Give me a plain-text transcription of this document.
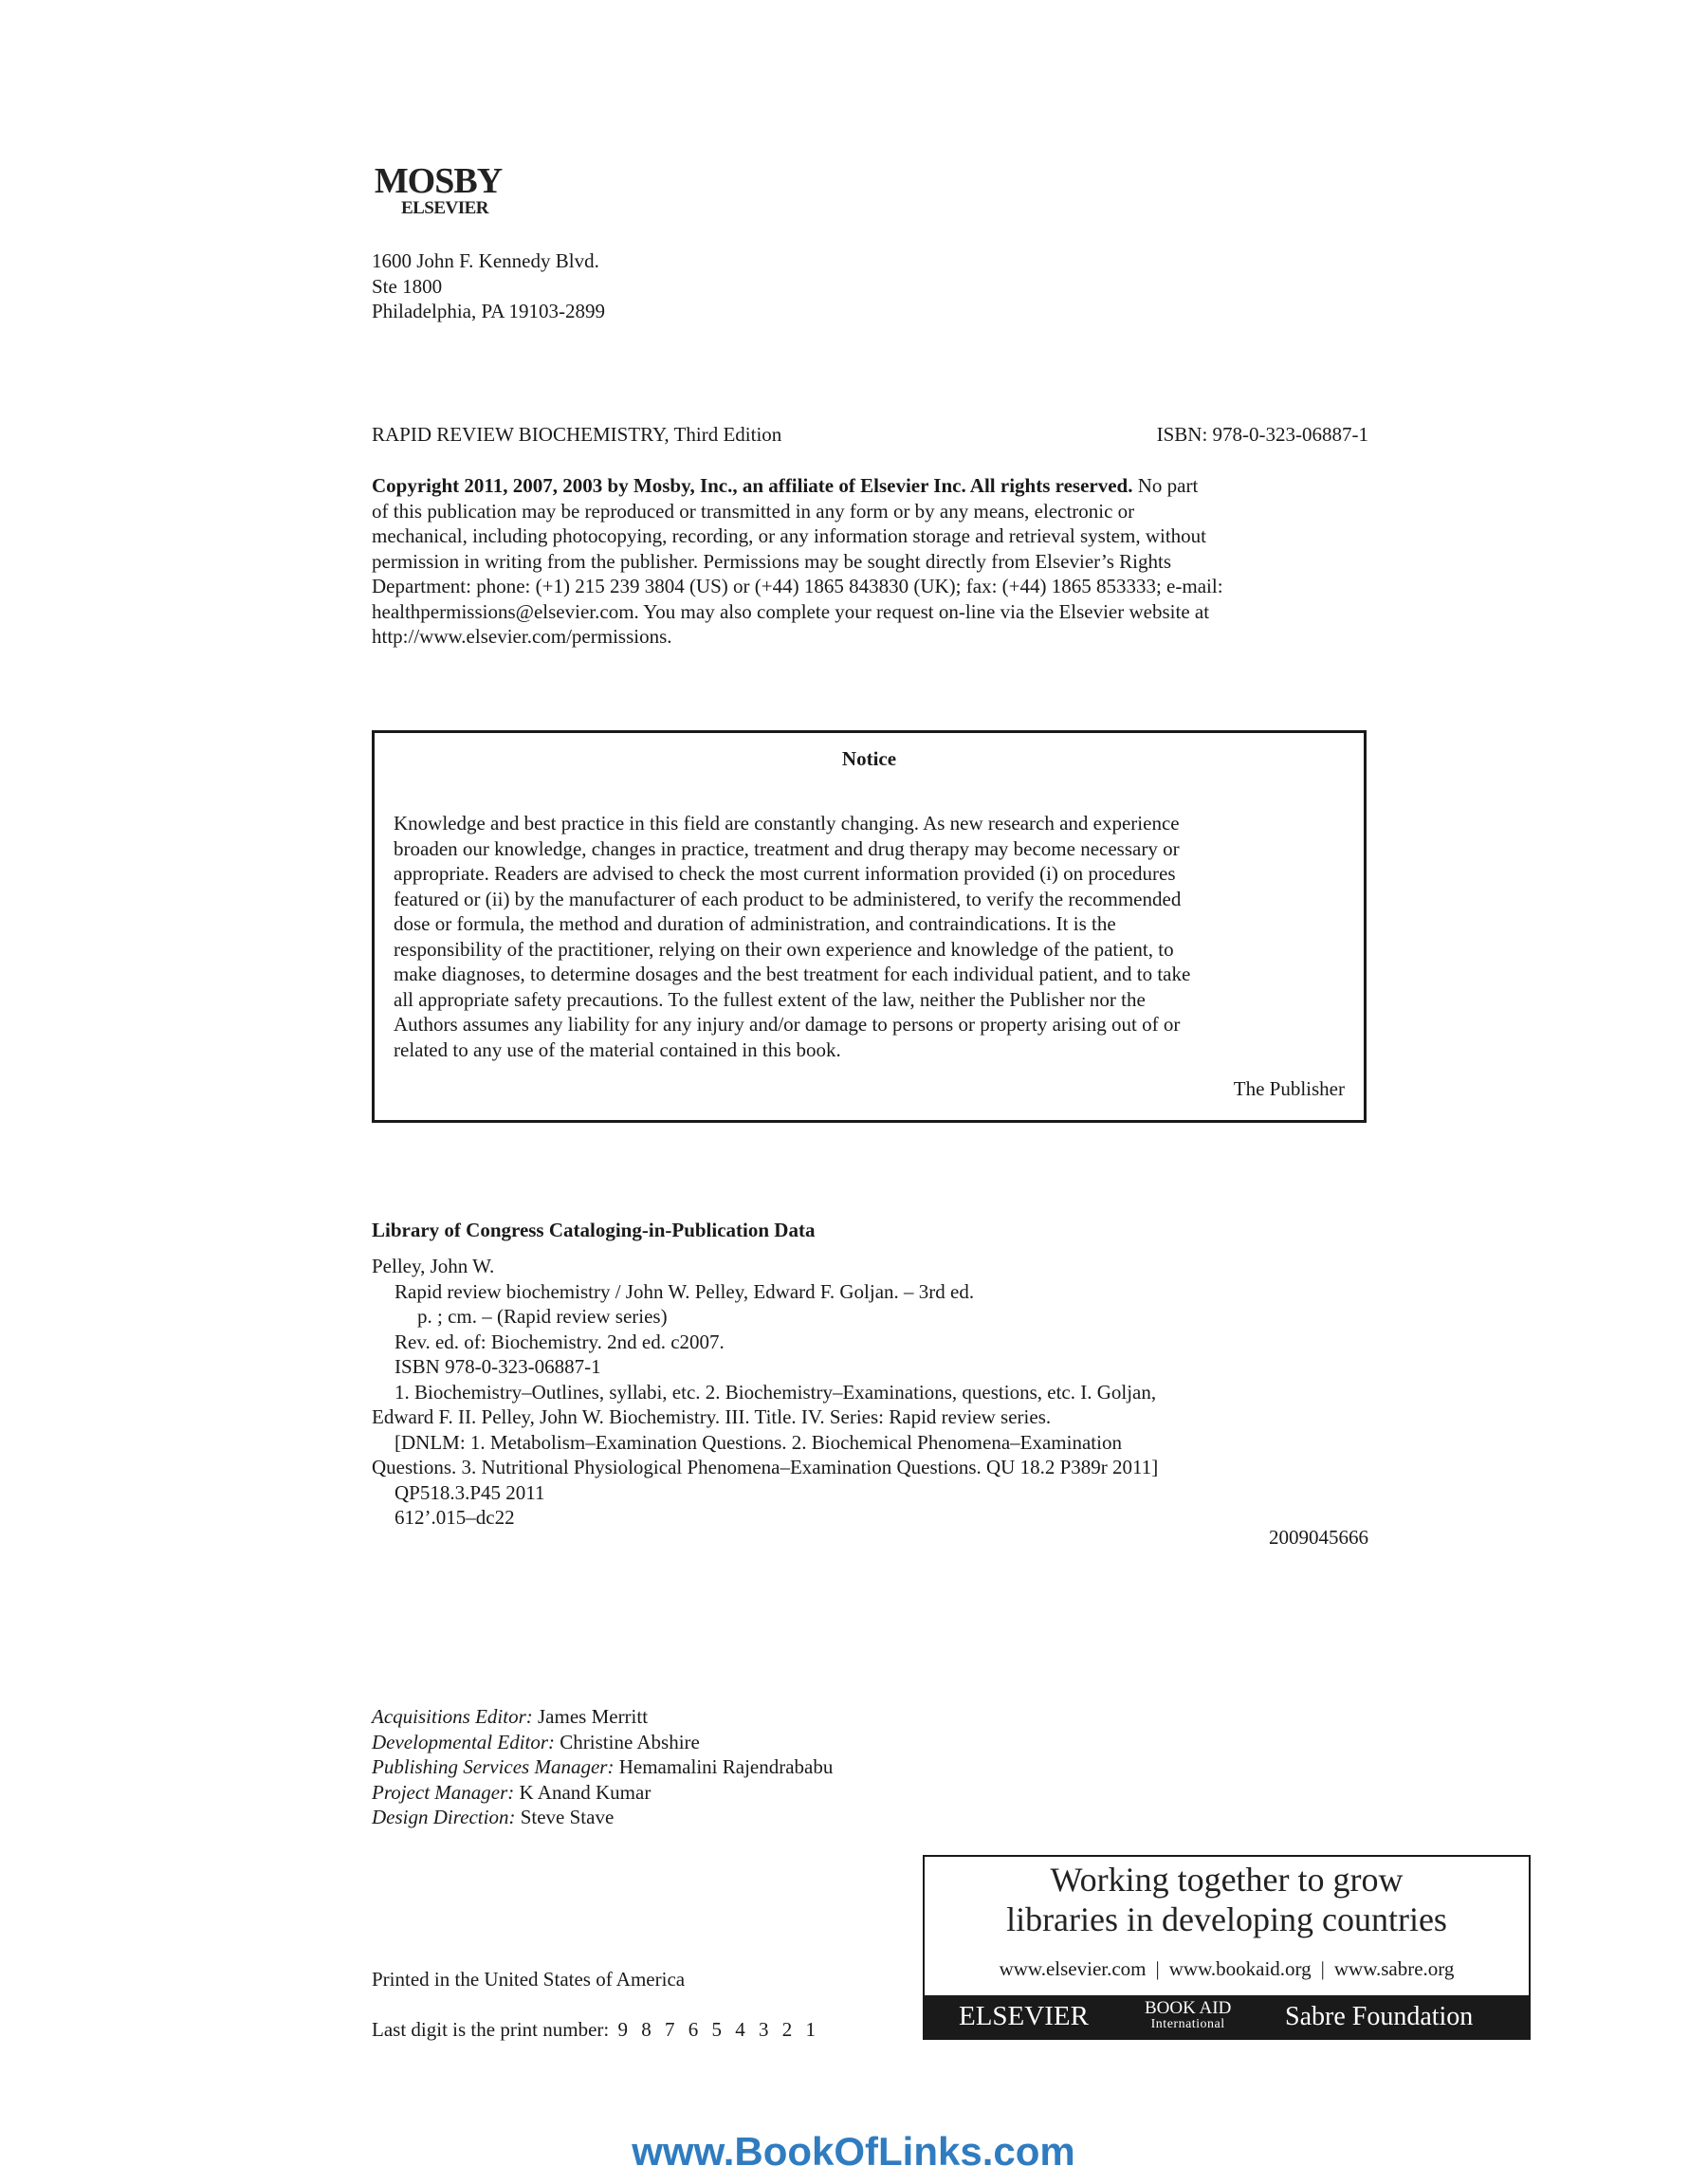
MOSBY
ELSEVIER
1600 John F. Kennedy Blvd.
Ste 1800
Philadelphia, PA 19103-2899
RAPID REVIEW BIOCHEMISTRY, Third Edition	ISBN: 978-0-323-06887-1
Copyright 2011, 2007, 2003 by Mosby, Inc., an affiliate of Elsevier Inc. All rights reserved. No part
of this publication may be reproduced or transmitted in any form or by any means, electronic or
mechanical, including photocopying, recording, or any information storage and retrieval system, without
permission in writing from the publisher. Permissions may be sought directly from Elsevier’s Rights
Department: phone: (+1) 215 239 3804 (US) or (+44) 1865 843830 (UK); fax: (+44) 1865 853333; e-mail:
healthpermissions@elsevier.com. You may also complete your request on-line via the Elsevier website at
http://www.elsevier.com/permissions.
Notice
Knowledge and best practice in this field are constantly changing. As new research and experience
broaden our knowledge, changes in practice, treatment and drug therapy may become necessary or
appropriate. Readers are advised to check the most current information provided (i) on procedures
featured or (ii) by the manufacturer of each product to be administered, to verify the recommended
dose or formula, the method and duration of administration, and contraindications. It is the
responsibility of the practitioner, relying on their own experience and knowledge of the patient, to
make diagnoses, to determine dosages and the best treatment for each individual patient, and to take
all appropriate safety precautions. To the fullest extent of the law, neither the Publisher nor the
Authors assumes any liability for any injury and/or damage to persons or property arising out of or
related to any use of the material contained in this book.
The Publisher
Library of Congress Cataloging-in-Publication Data
Pelley, John W.
Rapid review biochemistry / John W. Pelley, Edward F. Goljan. – 3rd ed.
p. ; cm. – (Rapid review series)
Rev. ed. of: Biochemistry. 2nd ed. c2007.
ISBN 978-0-323-06887-1
1. Biochemistry–Outlines, syllabi, etc. 2. Biochemistry–Examinations, questions, etc. I. Goljan,
Edward F. II. Pelley, John W. Biochemistry. III. Title. IV. Series: Rapid review series.
[DNLM: 1. Metabolism–Examination Questions. 2. Biochemical Phenomena–Examination
Questions. 3. Nutritional Physiological Phenomena–Examination Questions. QU 18.2 P389r 2011]
QP518.3.P45 2011
612’.015–dc22
2009045666
Acquisitions Editor: James Merritt
Developmental Editor: Christine Abshire
Publishing Services Manager: Hemamalini Rajendrababu
Project Manager: K Anand Kumar
Design Direction: Steve Stave
Printed in the United States of America
Last digit is the print number: 9 8 7 6 5 4 3 2 1
Working together to grow
libraries in developing countries
www.elsevier.com | www.bookaid.org | www.sabre.org
ELSEVIER	BOOK AID
International Sabre Foundation
www.BookOfLinks.com
